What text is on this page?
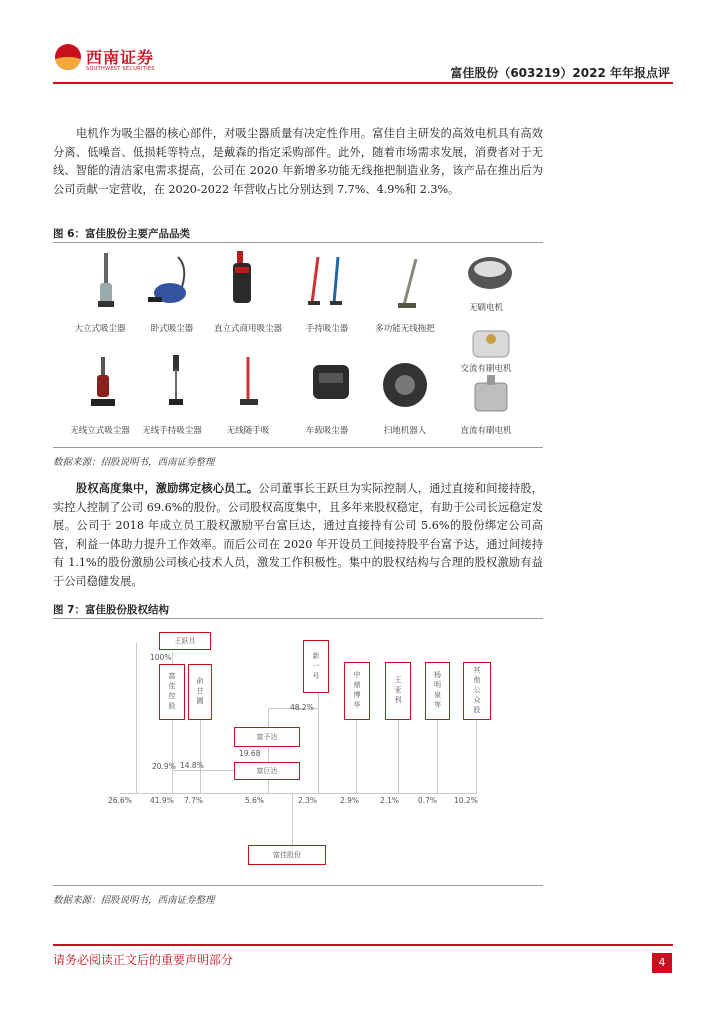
西南证券
SOUTHWEST SECURITIES	富佳股份（603219）2022 年年报点评

电机作为吸尘器的核心部件，对吸尘器质量有决定性作用。富佳自主研发的高效电机具有高效分离、低噪音、低损耗等特点，是戴森的指定采购部件。此外，随着市场需求发展，消费者对于无线、智能的清洁家电需求提高，公司在 2020 年新增多功能无线拖把制造业务，该产品在推出后为公司贡献一定营收，在 2020-2022 年营收占比分别达到 7.7%、4.9%和 2.3%。

图 6：富佳股份主要产品品类
大立式吸尘器	卧式吸尘器	直立式商用吸尘器	手持吸尘器	多功能无线拖把
无刷电机
交流有刷电机
无线立式吸尘器	无线手持吸尘器	无线随手吸	车载吸尘器	扫地机器人	直流有刷电机
数据来源：招股说明书，西南证券整理

股权高度集中，激励绑定核心员工。公司董事长王跃旦为实际控制人，通过直接和间接持股，实控人控制了公司 69.6%的股份。公司股权高度集中，且多年来股权稳定，有助于公司长远稳定发展。公司于 2018 年成立员工股权激励平台富巨达，通过直接持有公司 5.6%的股份绑定公司高管，利益一体助力提升工作效率。而后公司在 2020 年开设员工间接持股平台富予达，通过间接持有 1.1%的股份激励公司核心技术人员，激发工作积极性。集中的股权结构与合理的股权激励有益于公司稳健发展。

图 7：富佳股份股权结构
王跃旦
富佳控股	俞甘圃
新一号
富予达
富巨达
中鼎博华	王亚利	杨明泉等	其他公众股
富佳股份
100%
48.2%
19.68
20.9% 14.8%
26.6% 41.9% 7.7%	5.6%	2.3%	2.9%	2.1%	0.7% 10.2%
数据来源：招股说明书，西南证券整理
请务必阅读正文后的重要声明部分	4
